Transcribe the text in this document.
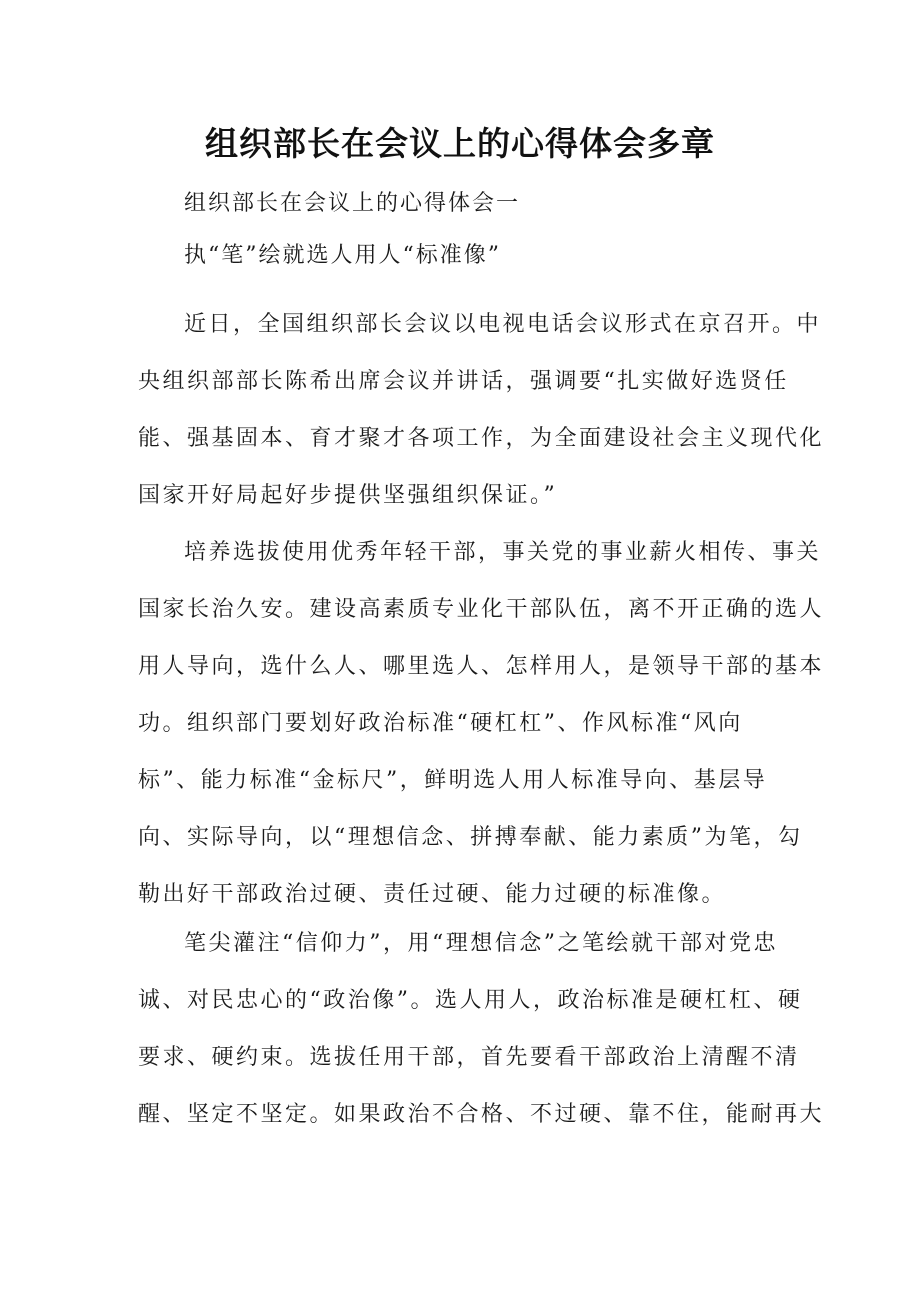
组织部长在会议上的心得体会多章

组织部长在会议上的心得体会一

执“笔”绘就选人用人“标准像”

近日，全国组织部长会议以电视电话会议形式在京召开。中
央组织部部长陈希出席会议并讲话，强调要“扎实做好选贤任
能、强基固本、育才聚才各项工作，为全面建设社会主义现代化
国家开好局起好步提供坚强组织保证。”
培养选拔使用优秀年轻干部，事关党的事业薪火相传、事关
国家长治久安。建设高素质专业化干部队伍，离不开正确的选人
用人导向，选什么人、哪里选人、怎样用人，是领导干部的基本
功。组织部门要划好政治标准“硬杠杠”、作风标准“风向
标”、能力标准“金标尺”，鲜明选人用人标准导向、基层导
向、实际导向，以“理想信念、拼搏奉献、能力素质”为笔，勾
勒出好干部政治过硬、责任过硬、能力过硬的标准像。
笔尖灌注“信仰力”，用“理想信念”之笔绘就干部对党忠
诚、对民忠心的“政治像”。选人用人，政治标准是硬杠杠、硬
要求、硬约束。选拔任用干部，首先要看干部政治上清醒不清
醒、坚定不坚定。如果政治不合格、不过硬、靠不住，能耐再大
